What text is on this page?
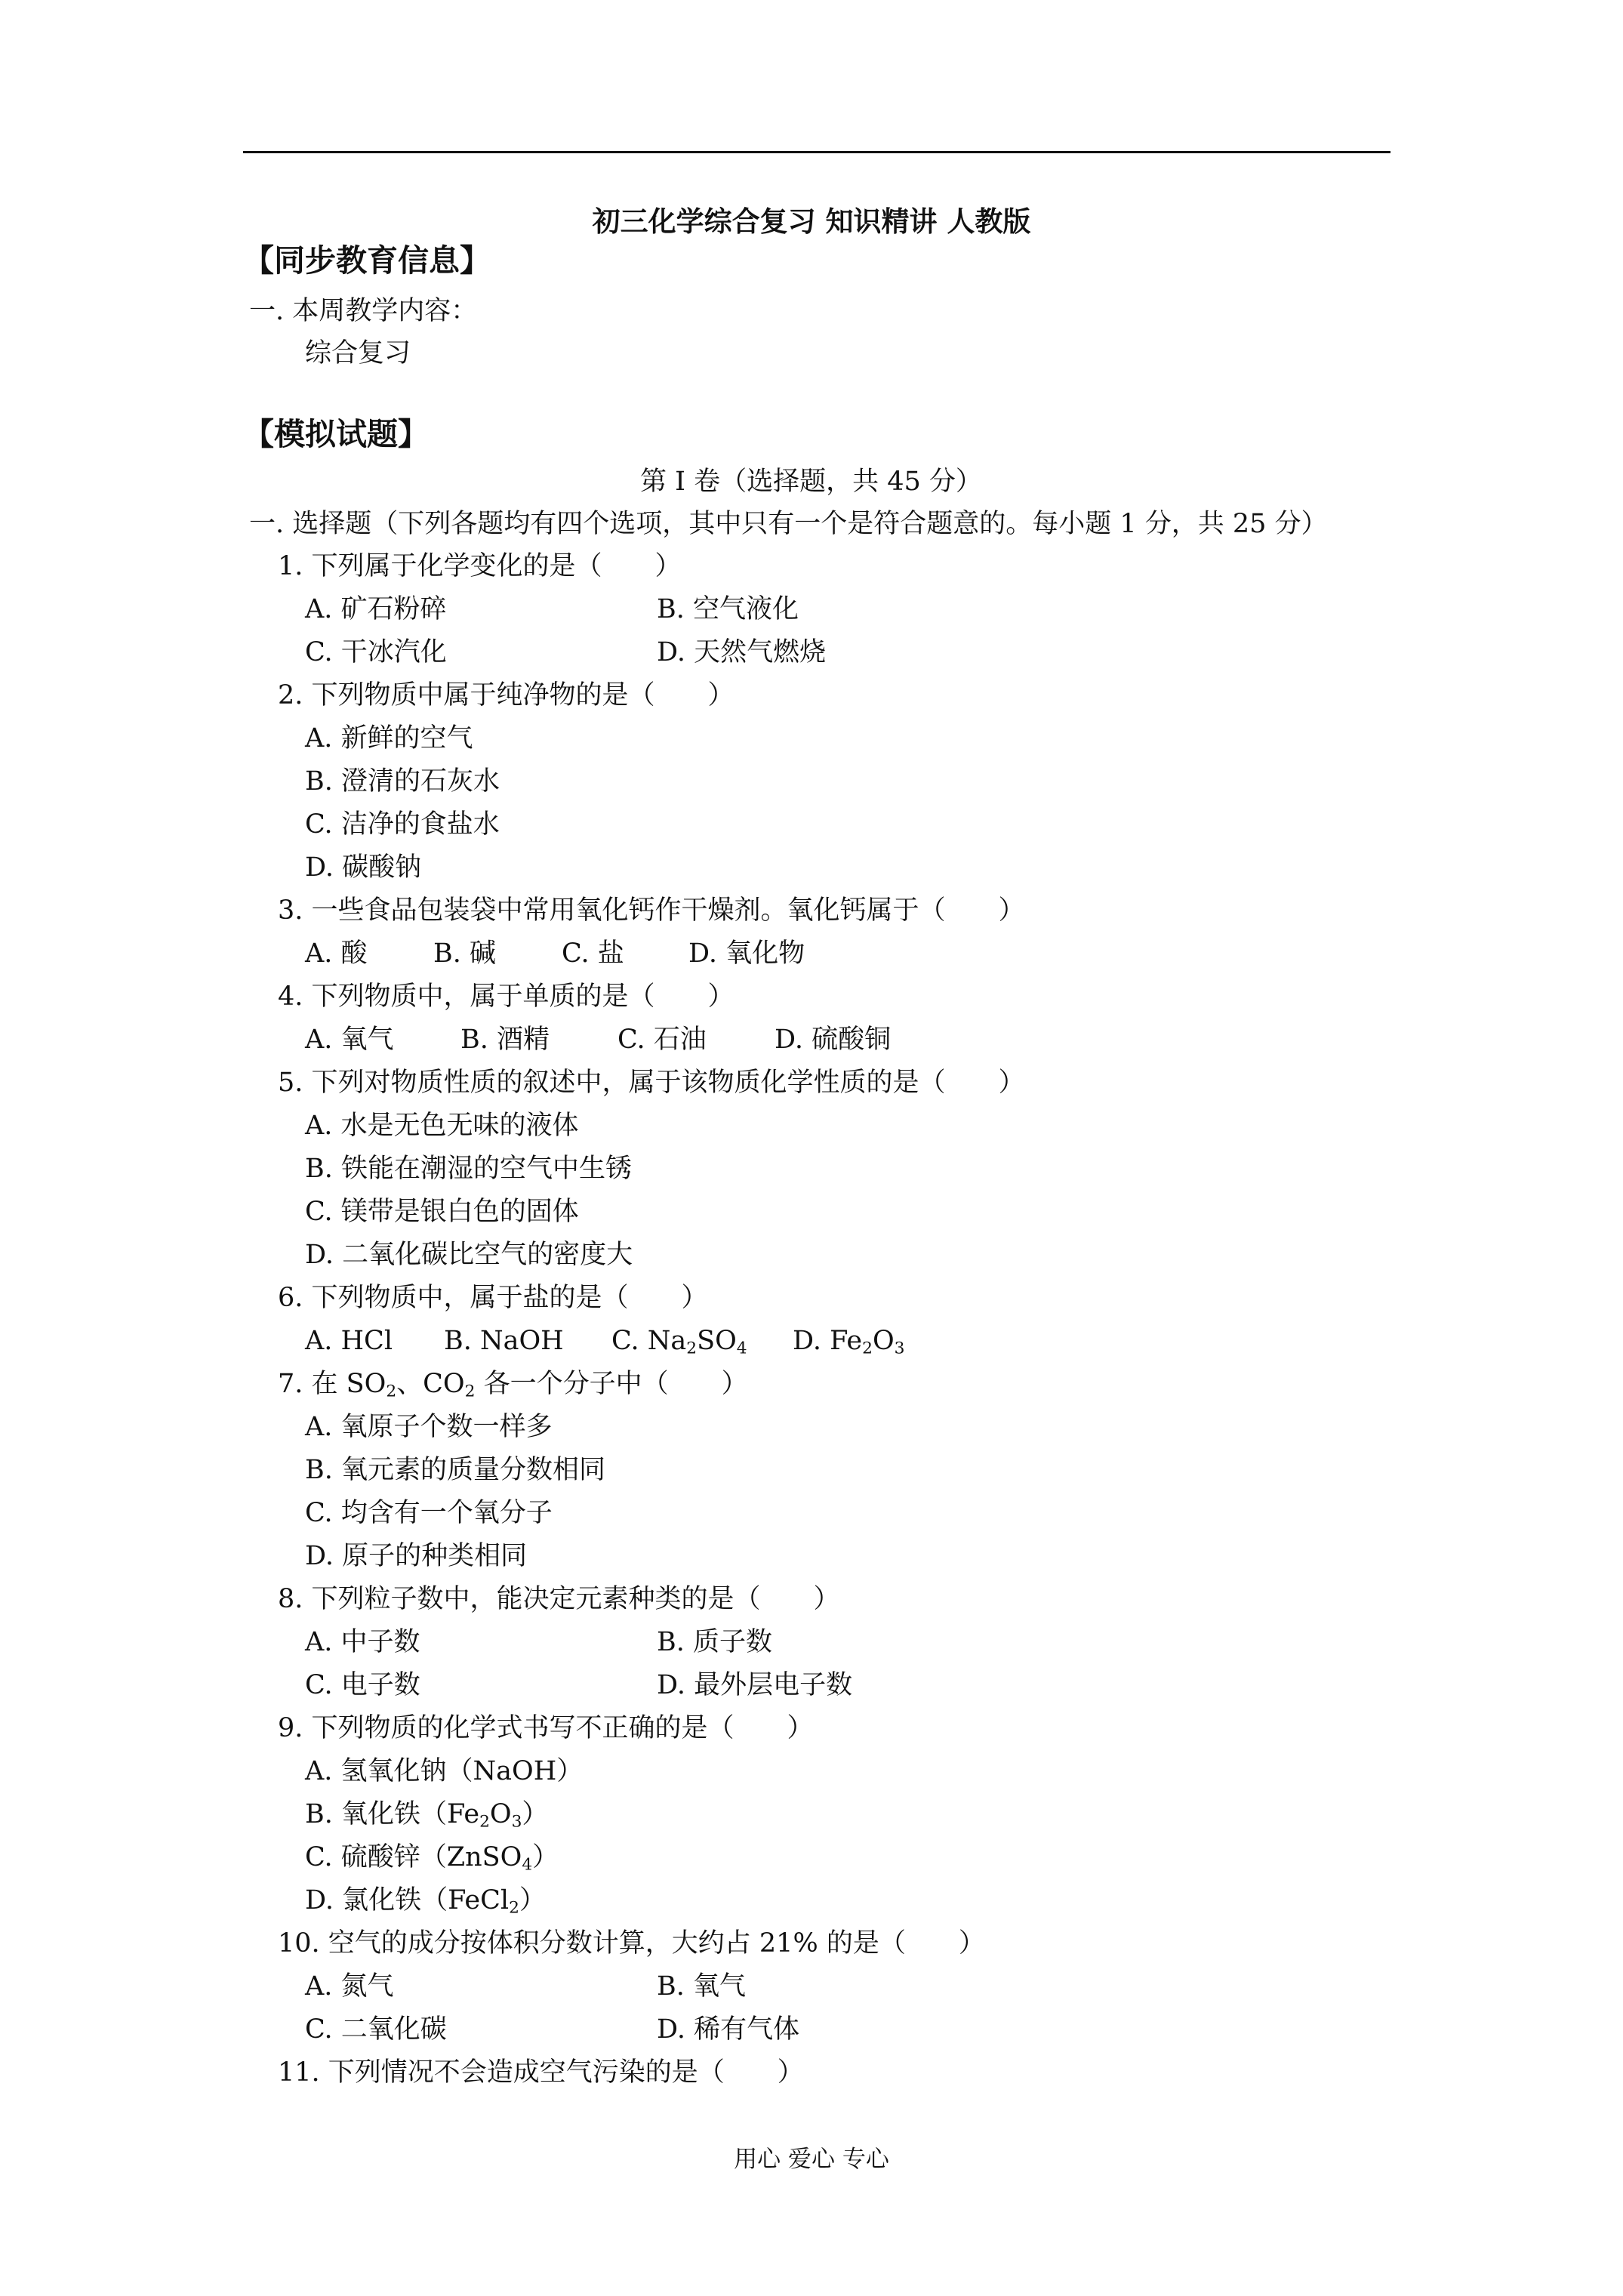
初三化学综合复习 知识精讲 人教版
【同步教育信息】
一. 本周教学内容：
综合复习
【模拟试题】
第 I 卷（选择题，共 45 分）
一. 选择题（下列各题均有四个选项，其中只有一个是符合题意的。每小题 1 分，共 25 分）
1. 下列属于化学变化的是（　　）
A. 矿石粉碎	B. 空气液化
C. 干冰汽化	D. 天然气燃烧
2. 下列物质中属于纯净物的是（　　）
A. 新鲜的空气
B. 澄清的石灰水
C. 洁净的食盐水
D. 碳酸钠
3. 一些食品包装袋中常用氧化钙作干燥剂。氧化钙属于（　　）
A. 酸 B. 碱 C. 盐 D. 氧化物
4. 下列物质中，属于单质的是（　　）
A. 氧气	B. 酒精	C. 石油	D. 硫酸铜
5. 下列对物质性质的叙述中，属于该物质化学性质的是（　　）
A. 水是无色无味的液体
B. 铁能在潮湿的空气中生锈
C. 镁带是银白色的固体
D. 二氧化碳比空气的密度大
6. 下列物质中，属于盐的是（　　）
A. HCl B. NaOH C. $Na_2SO_4$ D. $Fe_2O_3$
7. 在 $SO_2$、$CO_2$ 各一个分子中（　　）
A. 氧原子个数一样多
B. 氧元素的质量分数相同
C. 均含有一个氧分子
D. 原子的种类相同
8. 下列粒子数中，能决定元素种类的是（　　）
A. 中子数	B. 质子数
C. 电子数	D. 最外层电子数
9. 下列物质的化学式书写不正确的是（　　）
A. 氢氧化钠（NaOH）
B. 氧化铁$(Fe_2O_3)$
C. 硫酸锌（ZnSO$_4$）
D. 氯化铁（FeCl$_2$）
10. 空气的成分按体积分数计算，大约占 21% 的是（　　）
A. 氮气	B. 氧气
C. 二氧化碳	D. 稀有气体
11. 下列情况不会造成空气污染的是（　　）
用心 爱心 专心
